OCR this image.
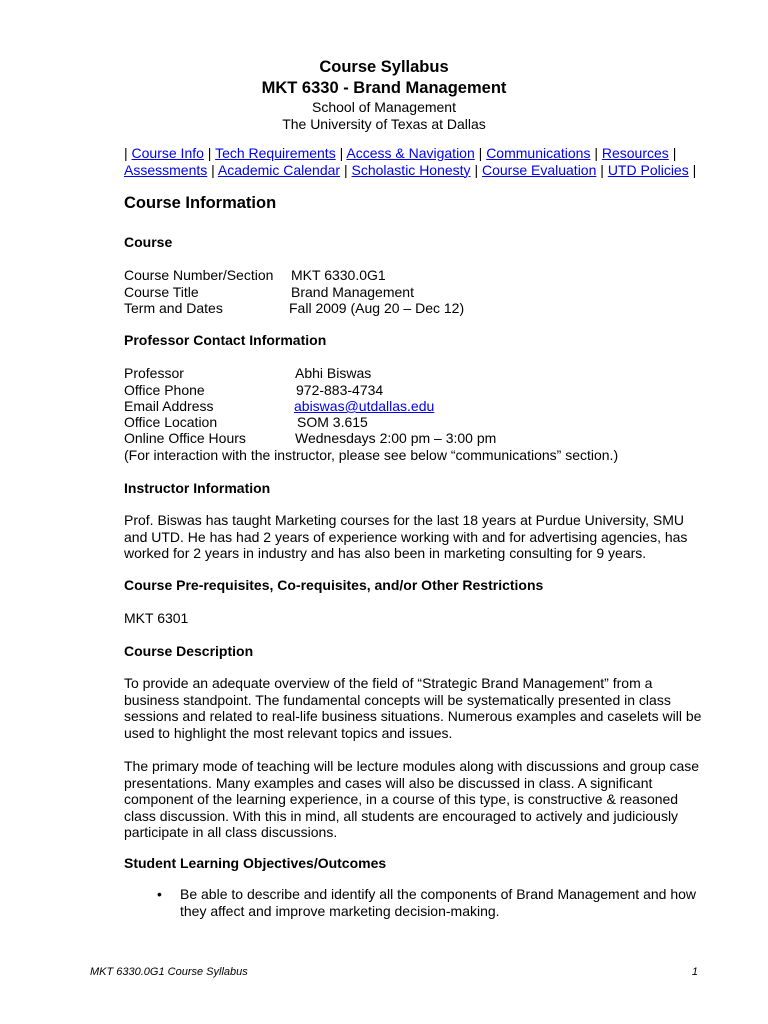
Course Syllabus
MKT 6330 - Brand Management
School of Management
The University of Texas at Dallas
| Course Info | Tech Requirements | Access & Navigation | Communications | Resources |
Assessments | Academic Calendar | Scholastic Honesty | Course Evaluation | UTD Policies |
Course Information
Course
Course Number/Section MKT 6330.0G1
Course Title	Brand Management
Term and Dates	Fall 2009 (Aug 20 – Dec 12)
Professor Contact Information
Professor	Abhi Biswas
Office Phone	972-883-4734
Email Address	abiswas@utdallas.edu
Office Location	SOM 3.615
Online Office Hours	Wednesdays 2:00 pm – 3:00 pm
(For interaction with the instructor, please see below “communications” section.)
Instructor Information
Prof. Biswas has taught Marketing courses for the last 18 years at Purdue University, SMU and UTD. He has had 2 years of experience working with and for advertising agencies, has worked for 2 years in industry and has also been in marketing consulting for 9 years.
Course Pre-requisites, Co-requisites, and/or Other Restrictions
MKT 6301
Course Description
To provide an adequate overview of the field of “Strategic Brand Management” from a business standpoint. The fundamental concepts will be systematically presented in class sessions and related to real-life business situations. Numerous examples and caselets will be used to highlight the most relevant topics and issues.
The primary mode of teaching will be lecture modules along with discussions and group case presentations. Many examples and cases will also be discussed in class. A significant component of the learning experience, in a course of this type, is constructive & reasoned class discussion. With this in mind, all students are encouraged to actively and judiciously participate in all class discussions.
Student Learning Objectives/Outcomes
• Be able to describe and identify all the components of Brand Management and how they affect and improve marketing decision-making.
MKT 6330.0G1 Course Syllabus	1
